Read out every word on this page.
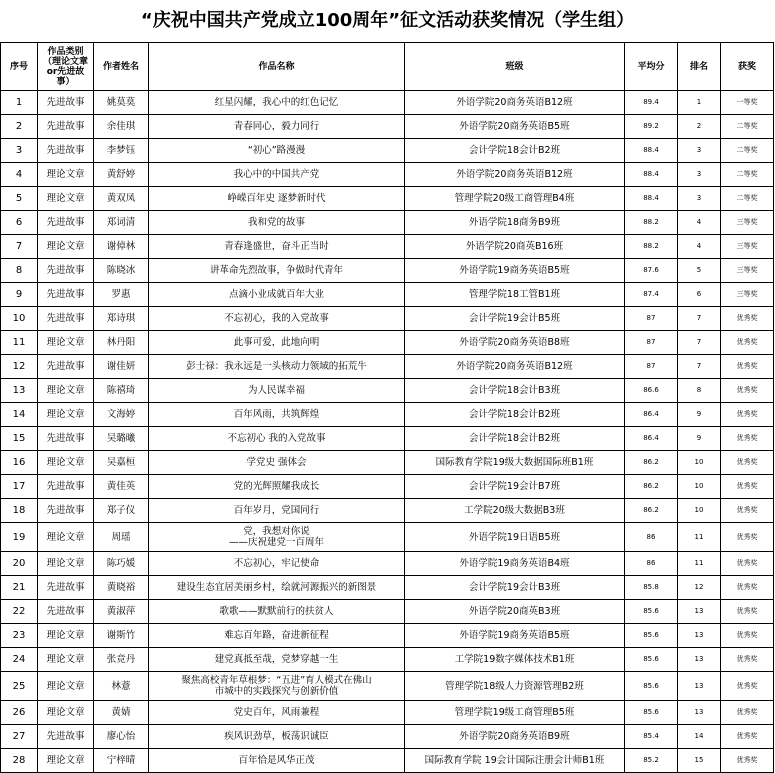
“庆祝中国共产党成立100周年”征文活动获奖情况（学生组）
序号	作品类别
（理论文章
or先进故
事）	作者姓名	作品名称	班级	平均分	排名	获奖
1	先进故事	姚莫莫	红星闪耀，我心中的红色记忆	外语学院20商务英语B12班	89.4	1	一等奖
2	先进故事	余佳琪	青春同心，毅力同行	外语学院20商务英语B5班	89.2	2	二等奖
3	先进故事	李梦钰	“初心”路漫漫	会计学院18会计B2班	88.4	3	二等奖
4	理论文章	黄舒婷	我心中的中国共产党	外语学院20商务英语B12班	88.4	3	二等奖
5	理论文章	黄双凤	峥嵘百年史 逐梦新时代	管理学院20级工商管理B4班	88.4	3	二等奖
6	先进故事	郑词清	我和党的故事	外语学院18商务B9班	88.2	4	三等奖
7	理论文章	谢倬林	青春逢盛世，奋斗正当时	外语学院20商英B16班	88.2	4	三等奖
8	先进故事	陈晓冰	讲革命先烈故事，争做时代青年	外语学院19商务英语B5班	87.6	5	三等奖
9	先进故事	罗惠	点滴小业成就百年大业	管理学院18工管B1班	87.4	6	三等奖
10	先进故事	郑诗琪	不忘初心，我的入党故事	会计学院19会计B5班	87	7	优秀奖
11	理论文章	林丹阳	此事可爱，此地向明	外语学院20商务英语B8班	87	7	优秀奖
12	先进故事	谢佳妍	彭士禄：我永远是一头核动力领域的拓荒牛	外语学院20商务英语B12班	87	7	优秀奖
13	理论文章	陈禧琦	为人民谋幸福	会计学院18会计B3班	86.6	8	优秀奖
14	理论文章	文海婷	百年风雨，共筑辉煌	会计学院18会计B2班	86.4	9	优秀奖
15	先进故事	吴璐曦	不忘初心 我的入党故事	会计学院18会计B2班	86.4	9	优秀奖
16	理论文章	吴嘉桓	学党史 强体会	国际教育学院19级大数据国际班B1班	86.2	10	优秀奖
17	先进故事	黄佳英	党的光辉照耀我成长	会计学院19会计B7班	86.2	10	优秀奖
18	先进故事	郑子仪	百年岁月，党国同行	工学院20级大数据B3班	86.2	10	优秀奖
19	理论文章	周瑶	党，我想对你说
——庆祝建党一百周年	外语学院19日语B5班	86	11	优秀奖
20	理论文章	陈巧媛	不忘初心，牢记使命	外语学院19商务英语B4班	86	11	优秀奖
21	先进故事	黄晓裕	建设生态宜居美丽乡村，绘就河源振兴的新图景	会计学院19会计B3班	85.8	12	优秀奖
22	先进故事	黄淑萍	歌歌——默默前行的扶贫人	外语学院20商英B3班	85.6	13	优秀奖
23	理论文章	谢斯竹	难忘百年路，奋进新征程	外语学院19商务英语B5班	85.6	13	优秀奖
24	理论文章	张竞丹	建党真抵至哉，党梦穿越一生	工学院19数字媒体技术B1班	85.6	13	优秀奖
25	理论文章	林薏	聚焦高校青年草根梦：“五进”育人模式在佛山
市城中的实践探究与创新价值	管理学院18级人力资源管理B2班	85.6	13	优秀奖
26	理论文章	黄婧	党史百年，风雨兼程	管理学院19级工商管理B5班	85.6	13	优秀奖
27	先进故事	廖心怡	疾风识劲草，板荡识诚臣	外语学院20商务英语B9班	85.4	14	优秀奖
28	理论文章	宁梓晴	百年恰是风华正茂	国际教育学院 19会计国际注册会计师B1班	85.2	15	优秀奖
